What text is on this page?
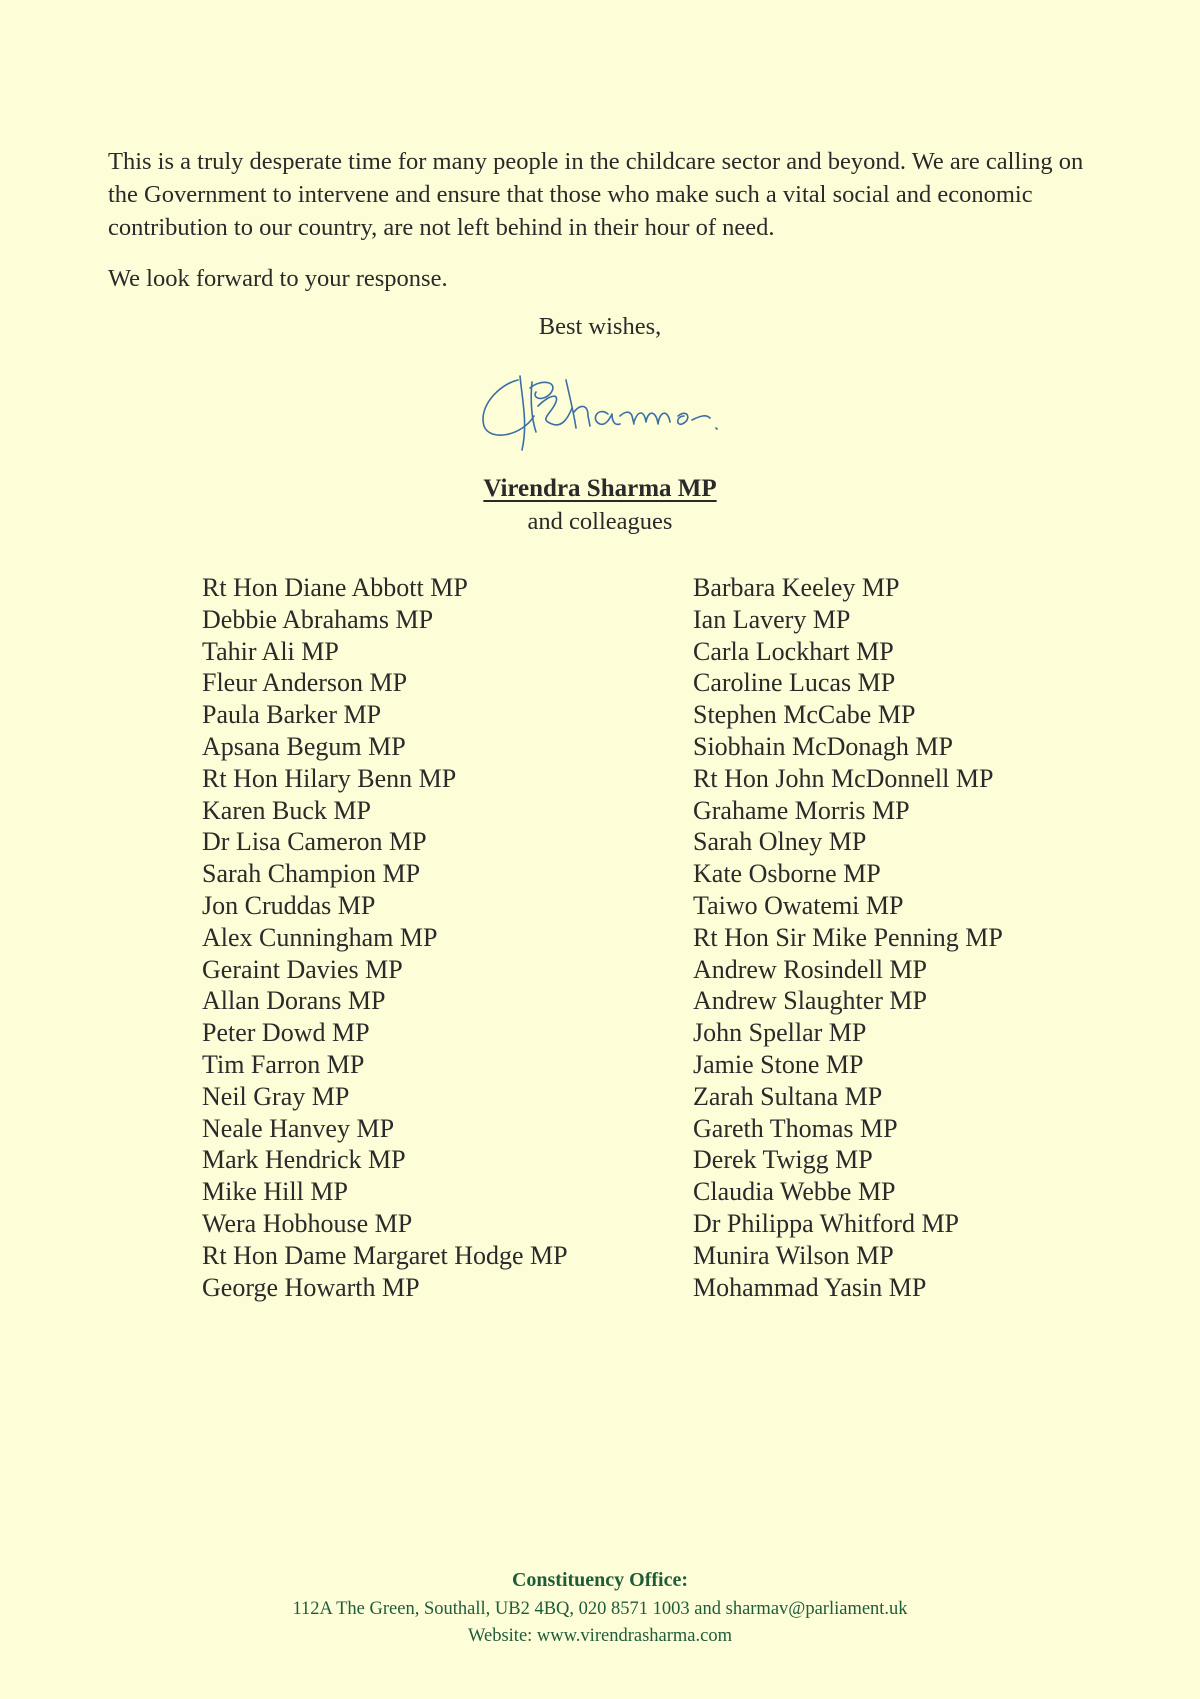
This is a truly desperate time for many people in the childcare sector and beyond. We are calling on the Government to intervene and ensure that those who make such a vital social and economic contribution to our country, are not left behind in their hour of need.

We look forward to your response.

Best wishes,

Virendra Sharma MP

and colleagues

Rt Hon Diane Abbott MP
Debbie Abrahams MP
Tahir Ali MP
Fleur Anderson MP
Paula Barker MP
Apsana Begum MP
Rt Hon Hilary Benn MP
Karen Buck MP
Dr Lisa Cameron MP
Sarah Champion MP
Jon Cruddas MP
Alex Cunningham MP
Geraint Davies MP
Allan Dorans MP
Peter Dowd MP
Tim Farron MP
Neil Gray MP
Neale Hanvey MP
Mark Hendrick MP
Mike Hill MP
Wera Hobhouse MP
Rt Hon Dame Margaret Hodge MP
George Howarth MP
Barbara Keeley MP
Ian Lavery MP
Carla Lockhart MP
Caroline Lucas MP
Stephen McCabe MP
Siobhain McDonagh MP
Rt Hon John McDonnell MP
Grahame Morris MP
Sarah Olney MP
Kate Osborne MP
Taiwo Owatemi MP
Rt Hon Sir Mike Penning MP
Andrew Rosindell MP
Andrew Slaughter MP
John Spellar MP
Jamie Stone MP
Zarah Sultana MP
Gareth Thomas MP
Derek Twigg MP
Claudia Webbe MP
Dr Philippa Whitford MP
Munira Wilson MP
Mohammad Yasin MP

Constituency Office:

112A The Green, Southall, UB2 4BQ, 020 8571 1003 and sharmav@parliament.uk

Website: www.virendrasharma.com
